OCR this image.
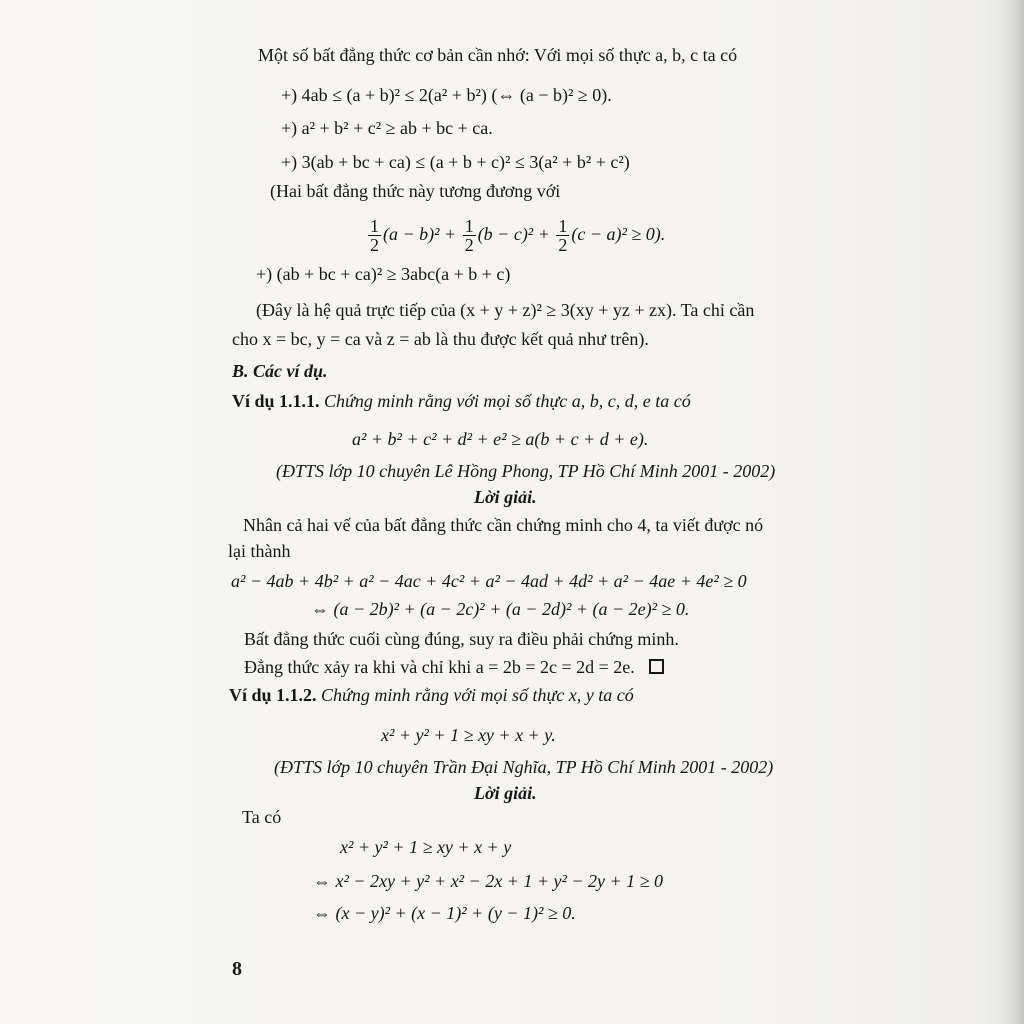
Một số bất đẳng thức cơ bản cần nhớ: Với mọi số thực a, b, c ta có
+) 4ab ≤ (a + b)² ≤ 2(a² + b²) (⇔ (a − b)² ≥ 0).
+) a² + b² + c² ≥ ab + bc + ca.
+) 3(ab + bc + ca) ≤ (a + b + c)² ≤ 3(a² + b² + c²)
(Hai bất đẳng thức này tương đương với
$\frac{1}{2} (a - b)^2 + \frac{1}{2} (b - c)^2 + \frac{1}{2} (c - a)^2 \ge 0$).
+) (ab + bc + ca)² ≥ 3abc(a + b + c)
(Đây là hệ quả trực tiếp của (x + y + z)² ≥ 3(xy + yz + zx). Ta chỉ cần
cho x = bc, y = ca và z = ab là thu được kết quả như trên).
B. Các ví dụ.
Ví dụ 1.1.1. Chứng minh rằng với mọi số thực a, b, c, d, e ta có
a² + b² + c² + d² + e² ≥ a(b + c + d + e).
(ĐTTS lớp 10 chuyên Lê Hồng Phong, TP Hồ Chí Minh 2001 - 2002)
Lời giải.
Nhân cả hai vế của bất đẳng thức cần chứng minh cho 4, ta viết được nó
lại thành
a² − 4ab + 4b² + a² − 4ac + 4c² + a² − 4ad + 4d² + a² − 4ae + 4e² ≥ 0
⇔ (a − 2b)² + (a − 2c)² + (a − 2d)² + (a − 2e)² ≥ 0.
Bất đẳng thức cuối cùng đúng, suy ra điều phải chứng minh.
Đẳng thức xảy ra khi và chỉ khi a = 2b = 2c = 2d = 2e.
Ví dụ 1.1.2. Chứng minh rằng với mọi số thực x, y ta có
x² + y² + 1 ≥ xy + x + y.
(ĐTTS lớp 10 chuyên Trần Đại Nghĩa, TP Hồ Chí Minh 2001 - 2002)
Lời giải.
Ta có
x² + y² + 1 ≥ xy + x + y
⇔ x² − 2xy + y² + x² − 2x + 1 + y² − 2y + 1 ≥ 0
⇔ (x − y)² + (x − 1)² + (y − 1)² ≥ 0.
8
